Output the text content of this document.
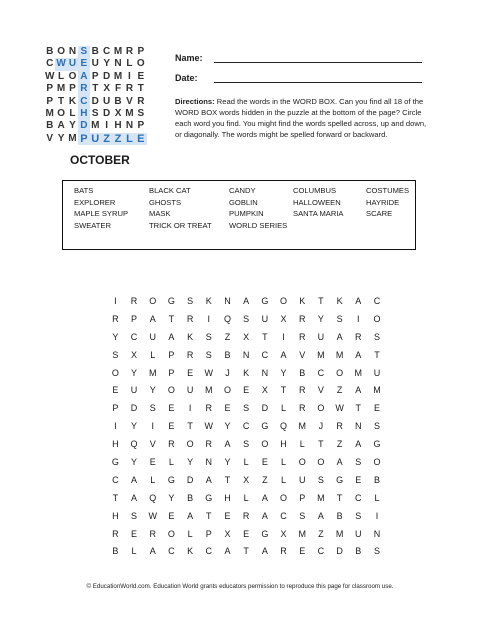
B O N S B C M R P
C W U E U Y N L O
W L O A P D M I E
P M P R T X F R T
P T K C D U B V R
M O L H S D X M S
B A Y D M I H N P
V Y M P U Z Z L E
Name:
Date:
Directions: Read the words in the WORD BOX. Can you find all 18 of the WORD BOX words hidden in the puzzle at the bottom of the page? Circle each word you find. You might find the words spelled across, up and down, or diagonally. The words might be spelled forward or backward.
OCTOBER
BATS
EXPLORER
MAPLE SYRUP
SWEATER
BLACK CAT
GHOSTS
MASK
TRICK OR TREAT
CANDY
GOBLIN
PUMPKIN
WORLD SERIES
COLUMBUS
HALLOWEEN
SANTA MARIA
COSTUMES
HAYRIDE
SCARE
I	R	O	G	S	K	N	A	G	O	K	T	K	A	C
R	P	A	T	R	I	Q	S	U	X	R	Y	S	I	O
Y	C	U	A	K	S	Z	X	T	I	R	U	A	R	S
S	X	L	P	R	S	B	N	C	A	V	M	M	A	T
O	Y	M	P	E	W	J	K	N	Y	B	C	O	M	U
E	U	Y	O	U	M	O	E	X	T	R	V	Z	A	M
P	D	S	E	I	R	E	S	D	L	R	O	W	T	E
I	Y	I	E	T	W	Y	C	G	Q	M	J	R	N	S
H	Q	V	R	O	R	A	S	O	H	L	T	Z	A	G
G	Y	E	L	Y	N	Y	L	E	L	O	O	A	S	O
C	A	L	G	D	A	T	X	Z	L	U	S	G	E	B
T	A	Q	Y	B	G	H	L	A	O	P	M	T	C	L
H	S	W	E	A	T	E	R	A	C	S	A	B	S	I
R	E	R	O	L	P	X	E	G	X	M	Z	M	U	N
B	L	A	C	K	C	A	T	A	R	E	C	D	B	S
© EducationWorld.com. Education World grants educators permission to reproduce this page for classroom use.
